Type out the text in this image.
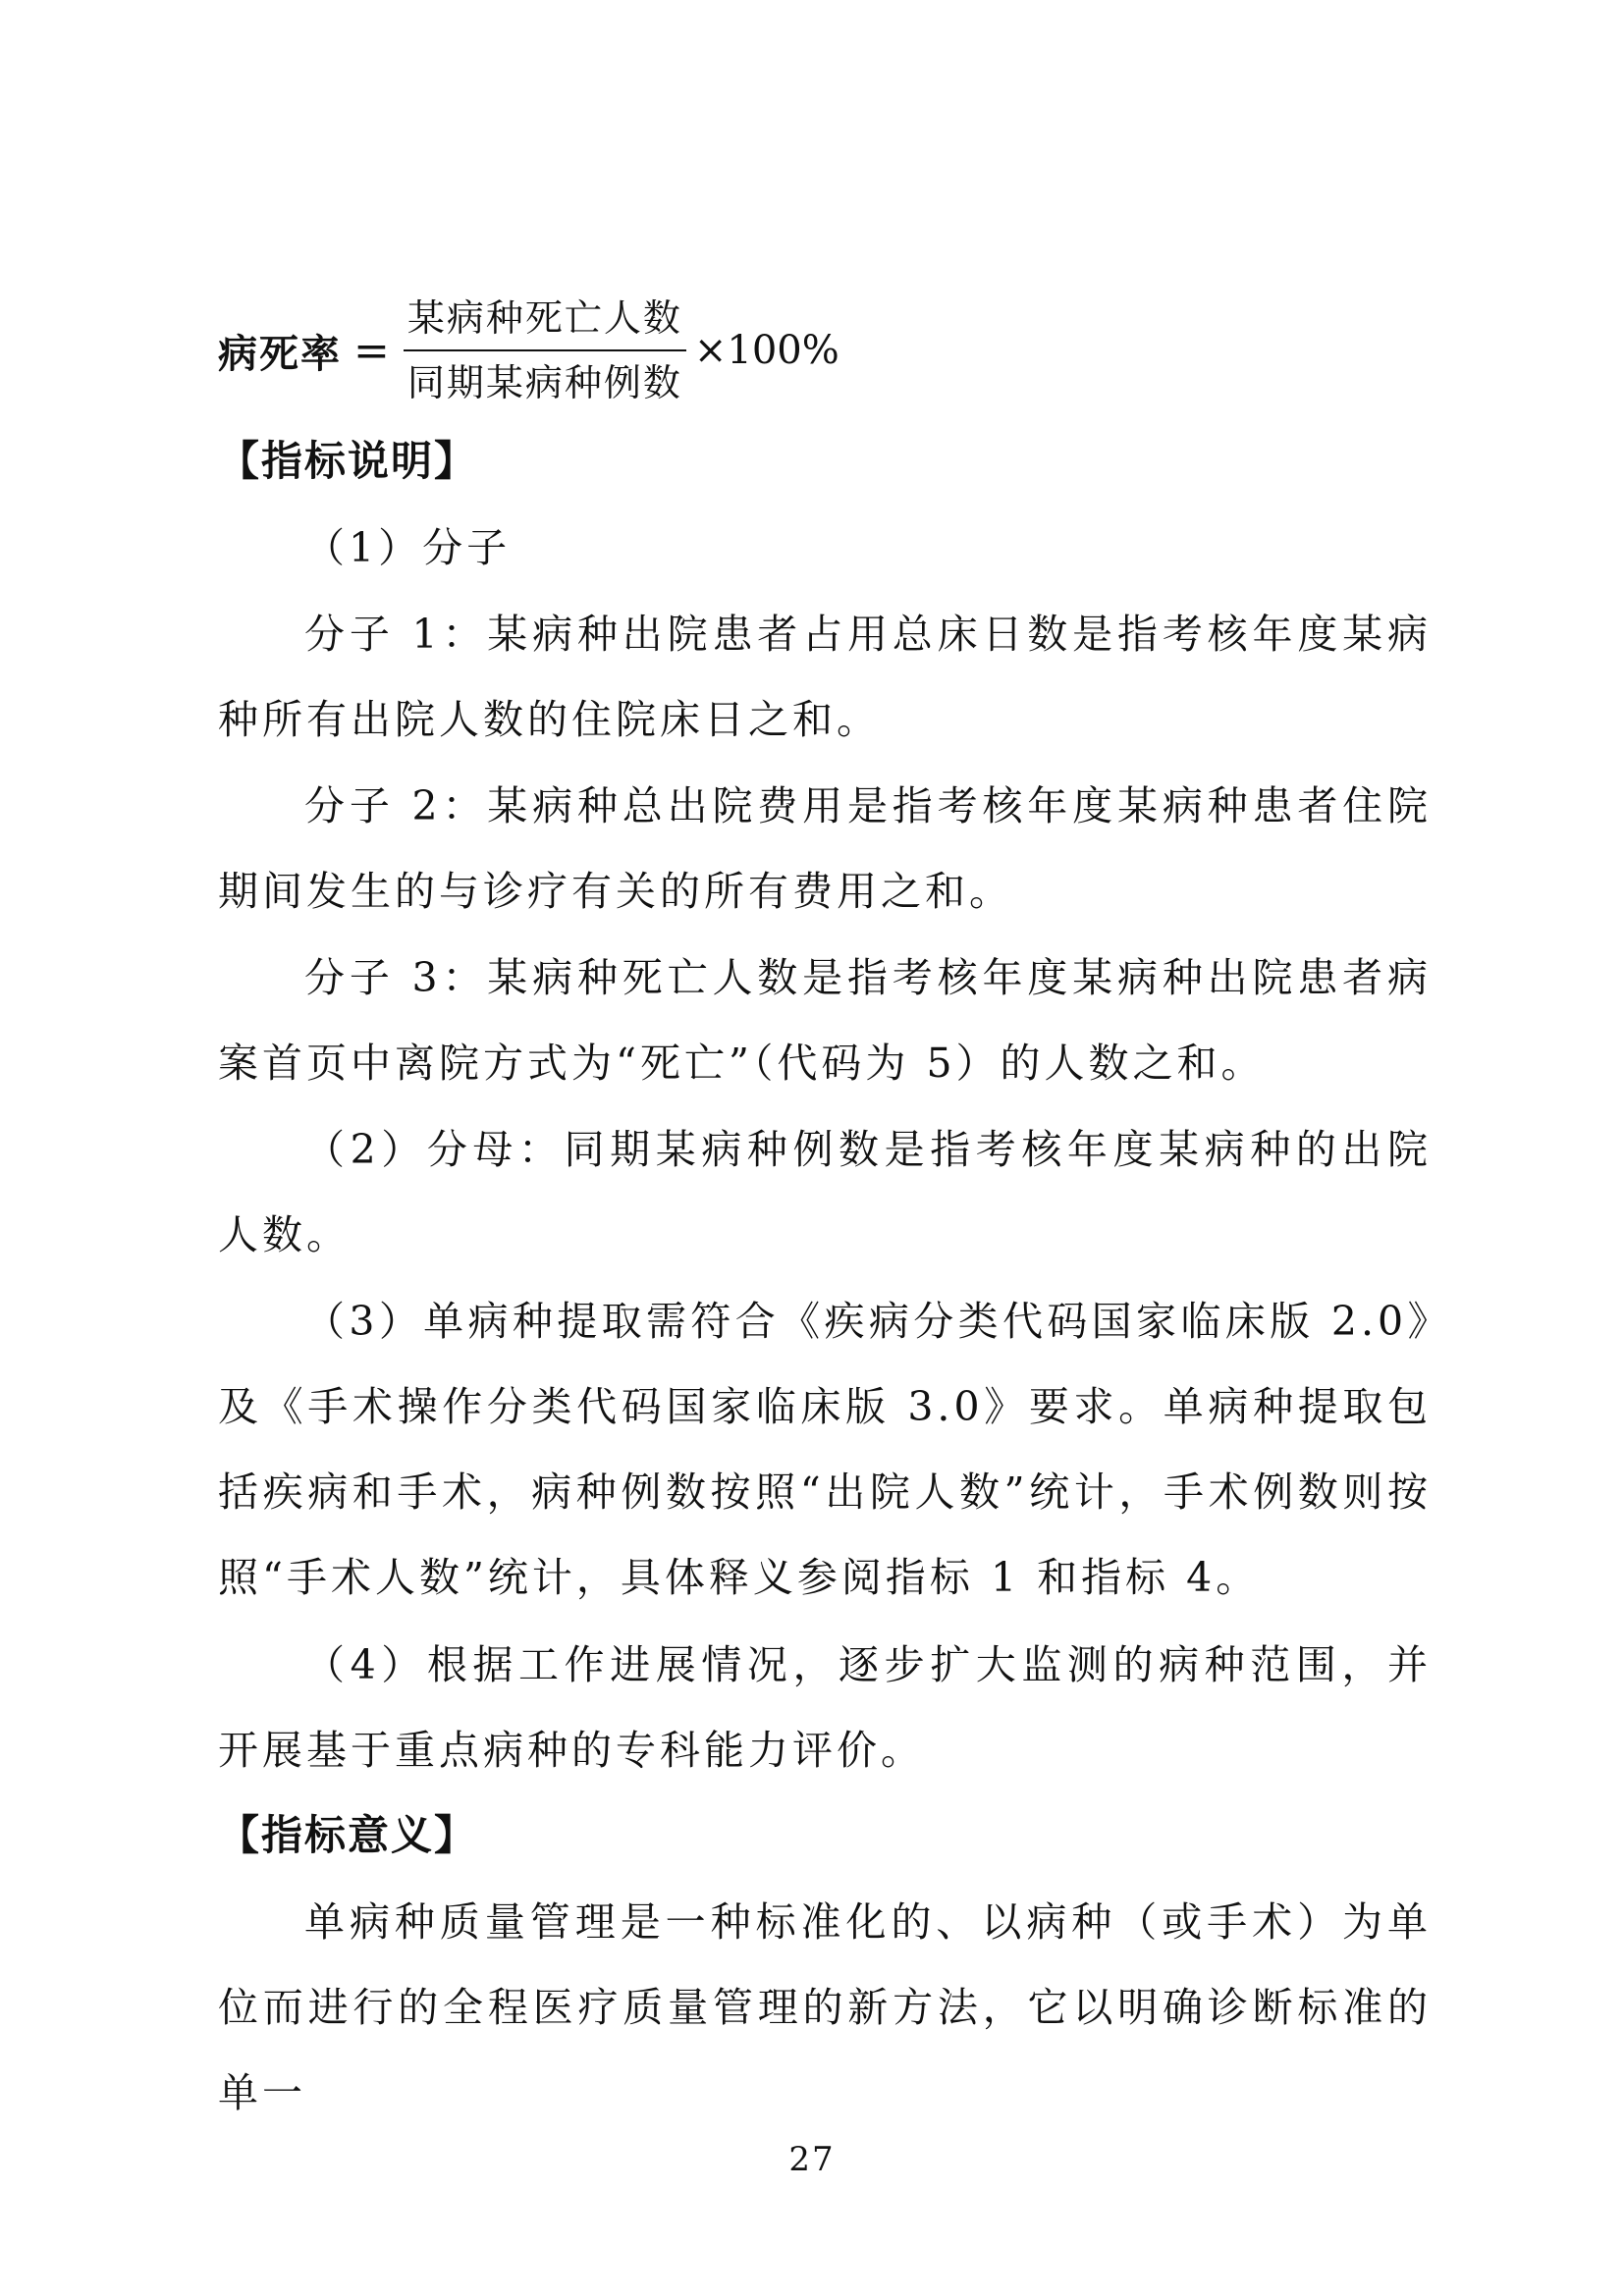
病死率 = $\frac{\text{某病种死亡人数}}{\text{同期某病种例数}} \times 100\%$
【指标说明】

（1）分子

分子 1：某病种出院患者占用总床日数是指考核年度某病种所有出院人数的住院床日之和。

分子 2：某病种总出院费用是指考核年度某病种患者住院期间发生的与诊疗有关的所有费用之和。

分子 3：某病种死亡人数是指考核年度某病种出院患者病案首页中离院方式为“死亡”（代码为 5）的人数之和。

（2）分母：同期某病种例数是指考核年度某病种的出院人数。

（3）单病种提取需符合《疾病分类代码国家临床版 2.0》及《手术操作分类代码国家临床版 3.0》要求。单病种提取包括疾病和手术，病种例数按照“出院人数”统计，手术例数则按照“手术人数”统计，具体释义参阅指标 1 和指标 4。

（4）根据工作进展情况，逐步扩大监测的病种范围，并开展基于重点病种的专科能力评价。

【指标意义】

单病种质量管理是一种标准化的、以病种（或手术）为单位而进行的全程医疗质量管理的新方法，它以明确诊断标准的单一

27
